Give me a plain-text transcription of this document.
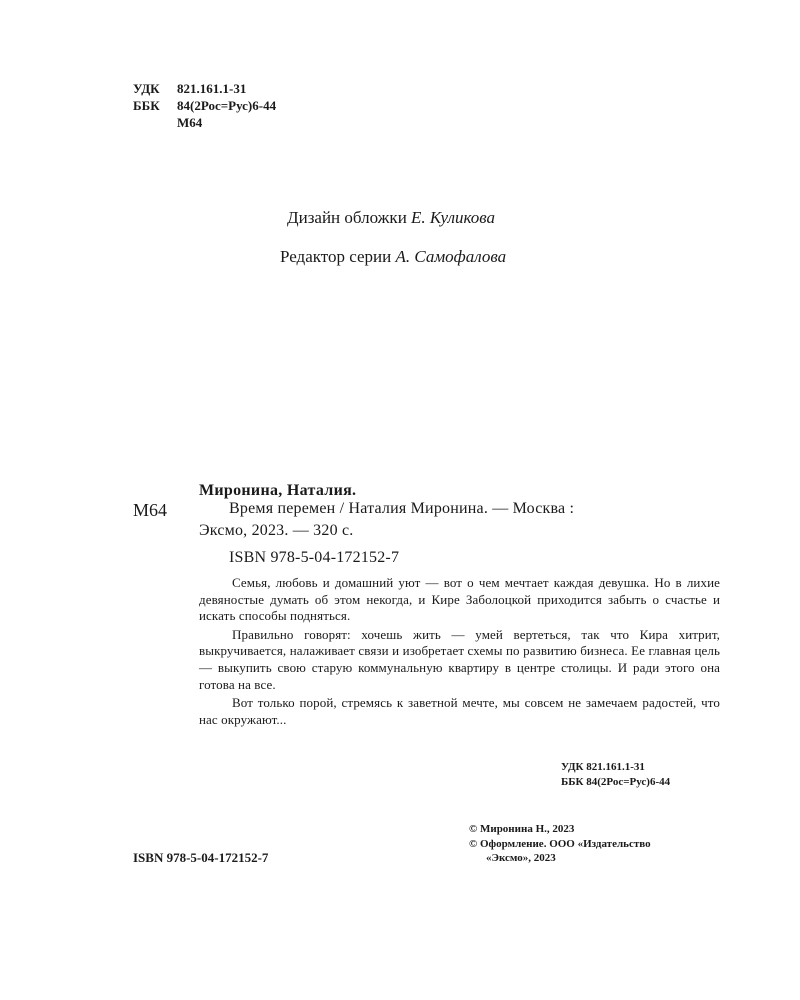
УДК 821.161.1-31
ББК 84(2Рос=Рус)6-44
М64
Дизайн обложки Е. Куликова
Редактор серии А. Самофалова
Миронина, Наталия.
М64	Время перемен / Наталия Миронина. — Москва :
Эксмо, 2023. — 320 с.
ISBN 978-5-04-172152-7

Семья, любовь и домашний уют — вот о чем мечтает каждая девушка. Но в лихие девяностые думать об этом некогда, и Кире Заболоцкой приходится забыть о счастье и искать способы подняться.

Правильно говорят: хочешь жить — умей вертеться, так что Кира хитрит, выкручивается, налаживает связи и изобретает схемы по развитию бизнеса. Ее главная цель — выкупить свою старую коммунальную квартиру в центре столицы. И ради этого она готова на все.

Вот только порой, стремясь к заветной мечте, мы совсем не замечаем радостей, что нас окружают...

УДК 821.161.1-31
ББК 84(2Рос=Рус)6-44
© Миронина Н., 2023
© Оформление. ООО «Издательство
«Эксмо», 2023
ISBN 978-5-04-172152-7
